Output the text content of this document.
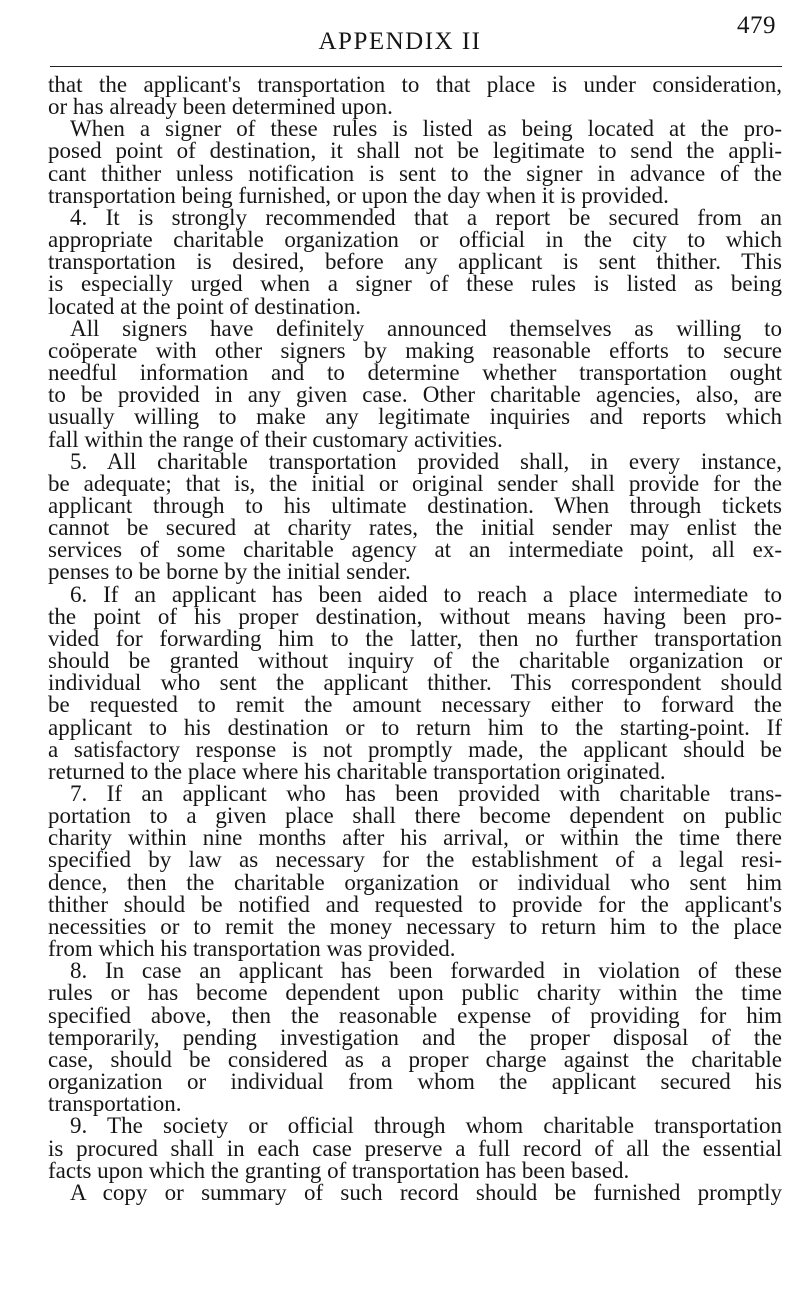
APPENDIX II
479
that the applicant's transportation to that place is under consideration,
or has already been determined upon.
When a signer of these rules is listed as being located at the pro-
posed point of destination, it shall not be legitimate to send the appli-
cant thither unless notification is sent to the signer in advance of the
transportation being furnished, or upon the day when it is provided.
4. It is strongly recommended that a report be secured from an
appropriate charitable organization or official in the city to which
transportation is desired, before any applicant is sent thither. This
is especially urged when a signer of these rules is listed as being
located at the point of destination.
All signers have definitely announced themselves as willing to
coöperate with other signers by making reasonable efforts to secure
needful information and to determine whether transportation ought
to be provided in any given case. Other charitable agencies, also, are
usually willing to make any legitimate inquiries and reports which
fall within the range of their customary activities.
5. All charitable transportation provided shall, in every instance,
be adequate; that is, the initial or original sender shall provide for the
applicant through to his ultimate destination. When through tickets
cannot be secured at charity rates, the initial sender may enlist the
services of some charitable agency at an intermediate point, all ex-
penses to be borne by the initial sender.
6. If an applicant has been aided to reach a place intermediate to
the point of his proper destination, without means having been pro-
vided for forwarding him to the latter, then no further transportation
should be granted without inquiry of the charitable organization or
individual who sent the applicant thither. This correspondent should
be requested to remit the amount necessary either to forward the
applicant to his destination or to return him to the starting-point. If
a satisfactory response is not promptly made, the applicant should be
returned to the place where his charitable transportation originated.
7. If an applicant who has been provided with charitable trans-
portation to a given place shall there become dependent on public
charity within nine months after his arrival, or within the time there
specified by law as necessary for the establishment of a legal resi-
dence, then the charitable organization or individual who sent him
thither should be notified and requested to provide for the applicant's
necessities or to remit the money necessary to return him to the place
from which his transportation was provided.
8. In case an applicant has been forwarded in violation of these
rules or has become dependent upon public charity within the time
specified above, then the reasonable expense of providing for him
temporarily, pending investigation and the proper disposal of the
case, should be considered as a proper charge against the charitable
organization or individual from whom the applicant secured his
transportation.
9. The society or official through whom charitable transportation
is procured shall in each case preserve a full record of all the essential
facts upon which the granting of transportation has been based.
A copy or summary of such record should be furnished promptly
